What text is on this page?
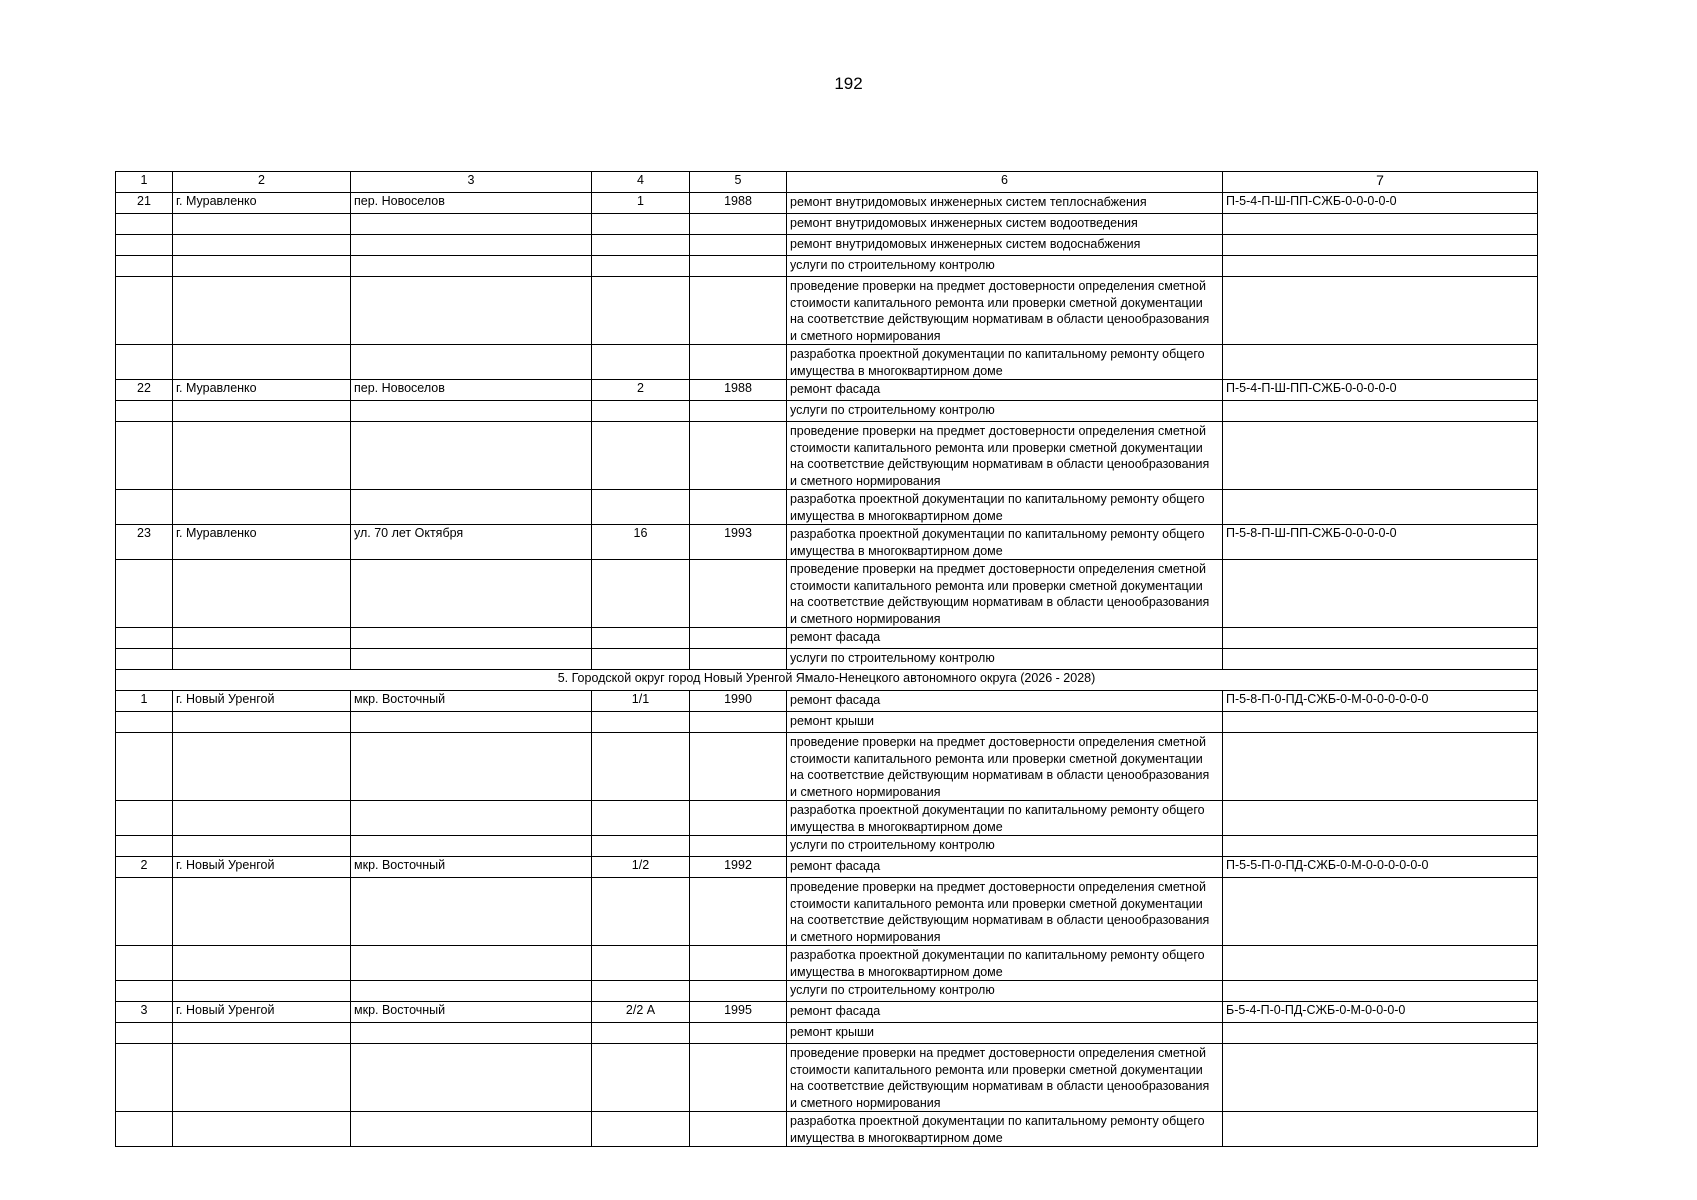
192
1	2	3	4	5	6	7
21	г. Муравленко	пер. Новоселов	1	1988	ремонт внутридомовых инженерных систем теплоснабжения	П-5-4-П-Ш-ПП-СЖБ-0-0-0-0-0
					ремонт внутридомовых инженерных систем водоотведения	
					ремонт внутридомовых инженерных систем водоснабжения	
					услуги по строительному контролю	
					проведение проверки на предмет достоверности определения сметной стоимости капитального ремонта или проверки сметной документации на соответствие действующим нормативам в области ценообразования и сметного нормирования	
					разработка проектной документации по капитальному ремонту общего имущества в многоквартирном доме	
22	г. Муравленко	пер. Новоселов	2	1988	ремонт фасада	П-5-4-П-Ш-ПП-СЖБ-0-0-0-0-0
					услуги по строительному контролю	
					проведение проверки на предмет достоверности определения сметной стоимости капитального ремонта или проверки сметной документации на соответствие действующим нормативам в области ценообразования и сметного нормирования	
					разработка проектной документации по капитальному ремонту общего имущества в многоквартирном доме	
23	г. Муравленко	ул. 70 лет Октября	16	1993	разработка проектной документации по капитальному ремонту общего имущества в многоквартирном доме	П-5-8-П-Ш-ПП-СЖБ-0-0-0-0-0
					проведение проверки на предмет достоверности определения сметной стоимости капитального ремонта или проверки сметной документации на соответствие действующим нормативам в области ценообразования и сметного нормирования	
					ремонт фасада	
					услуги по строительному контролю	
5. Городской округ город Новый Уренгой Ямало-Ненецкого автономного округа (2026 - 2028)						
1	г. Новый Уренгой	мкр. Восточный	1/1	1990	ремонт фасада	П-5-8-П-0-ПД-СЖБ-0-М-0-0-0-0-0-0
					ремонт крыши	
					проведение проверки на предмет достоверности определения сметной стоимости капитального ремонта или проверки сметной документации на соответствие действующим нормативам в области ценообразования и сметного нормирования	
					разработка проектной документации по капитальному ремонту общего имущества в многоквартирном доме	
					услуги по строительному контролю	
2	г. Новый Уренгой	мкр. Восточный	1/2	1992	ремонт фасада	П-5-5-П-0-ПД-СЖБ-0-М-0-0-0-0-0-0
					проведение проверки на предмет достоверности определения сметной стоимости капитального ремонта или проверки сметной документации на соответствие действующим нормативам в области ценообразования и сметного нормирования	
					разработка проектной документации по капитальному ремонту общего имущества в многоквартирном доме	
					услуги по строительному контролю	
3	г. Новый Уренгой	мкр. Восточный	2/2 А	1995	ремонт фасада	Б-5-4-П-0-ПД-СЖБ-0-М-0-0-0-0
					ремонт крыши	
					проведение проверки на предмет достоверности определения сметной стоимости капитального ремонта или проверки сметной документации на соответствие действующим нормативам в области ценообразования и сметного нормирования	
					разработка проектной документации по капитальному ремонту общего имущества в многоквартирном доме	
